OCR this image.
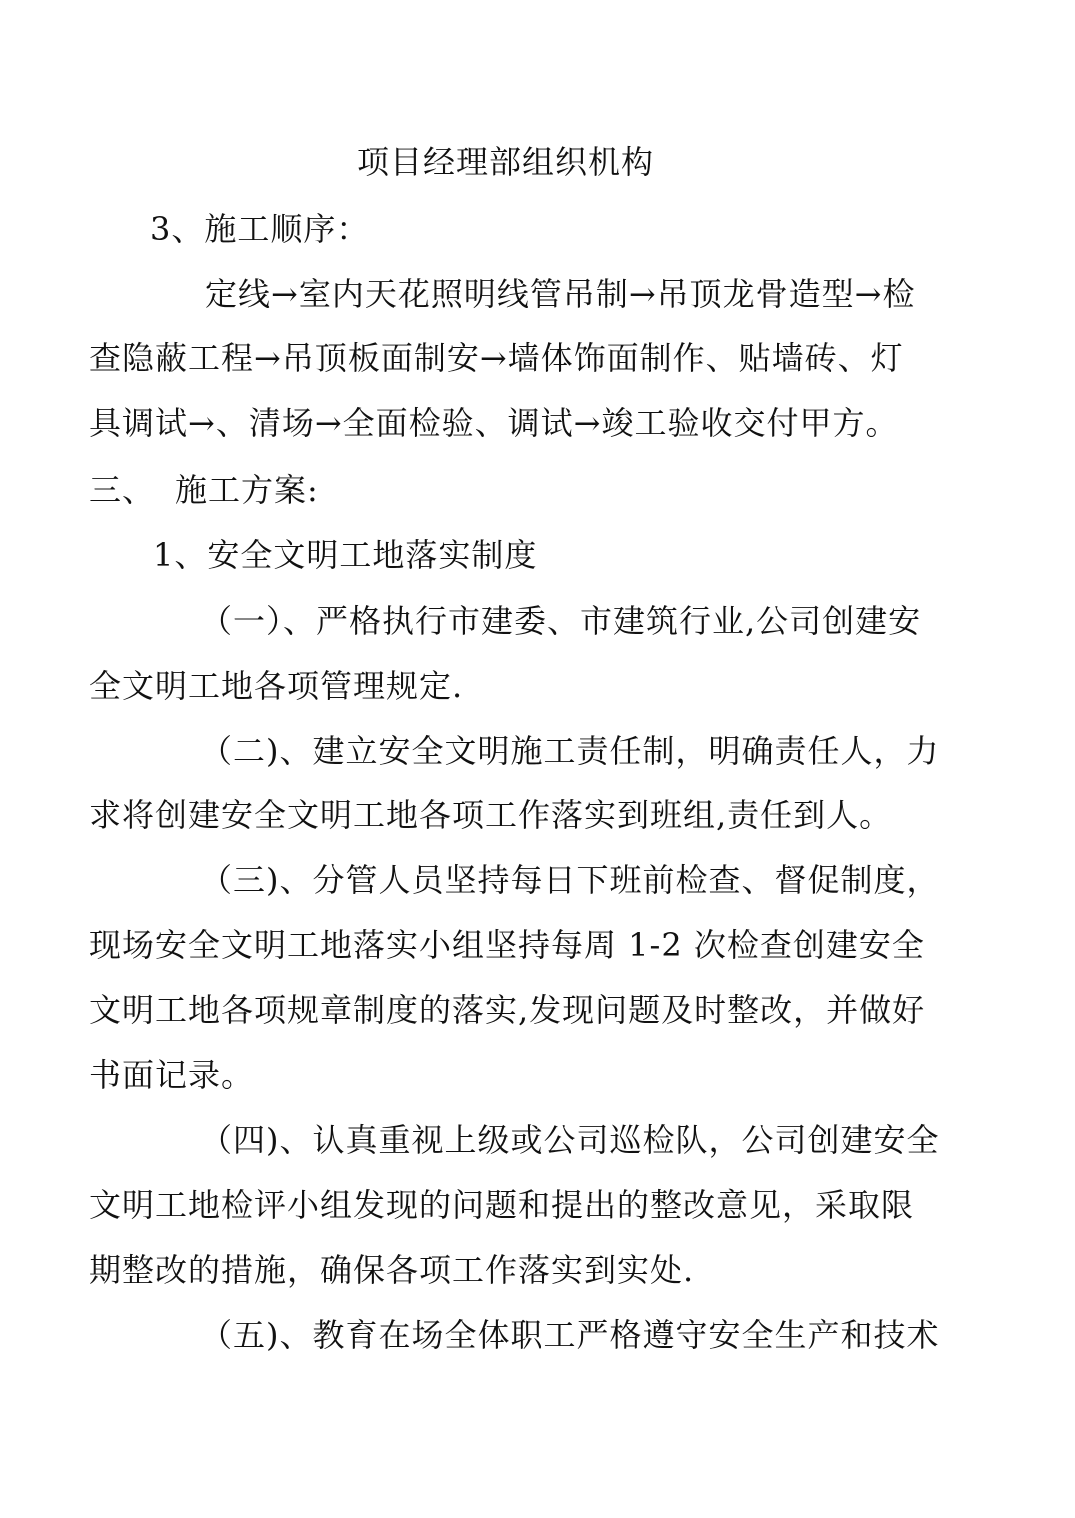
项目经理部组织机构
3、施工顺序：
定线→室内天花照明线管吊制→吊顶龙骨造型→检
查隐蔽工程→吊顶板面制安→墙体饰面制作、贴墙砖、灯
具调试→、清场→全面检验、调试→竣工验收交付甲方。
三、 施工方案:
1、安全文明工地落实制度
（一）、严格执行市建委、市建筑行业,公司创建安
全文明工地各项管理规定.
（二)、建立安全文明施工责任制，明确责任人，力
求将创建安全文明工地各项工作落实到班组,责任到人。
（三)、分管人员坚持每日下班前检查、督促制度，
现场安全文明工地落实小组坚持每周 1-2 次检查创建安全
文明工地各项规章制度的落实,发现问题及时整改，并做好
书面记录。
（四)、认真重视上级或公司巡检队，公司创建安全
文明工地检评小组发现的问题和提出的整改意见，采取限
期整改的措施，确保各项工作落实到实处.
（五)、教育在场全体职工严格遵守安全生产和技术
